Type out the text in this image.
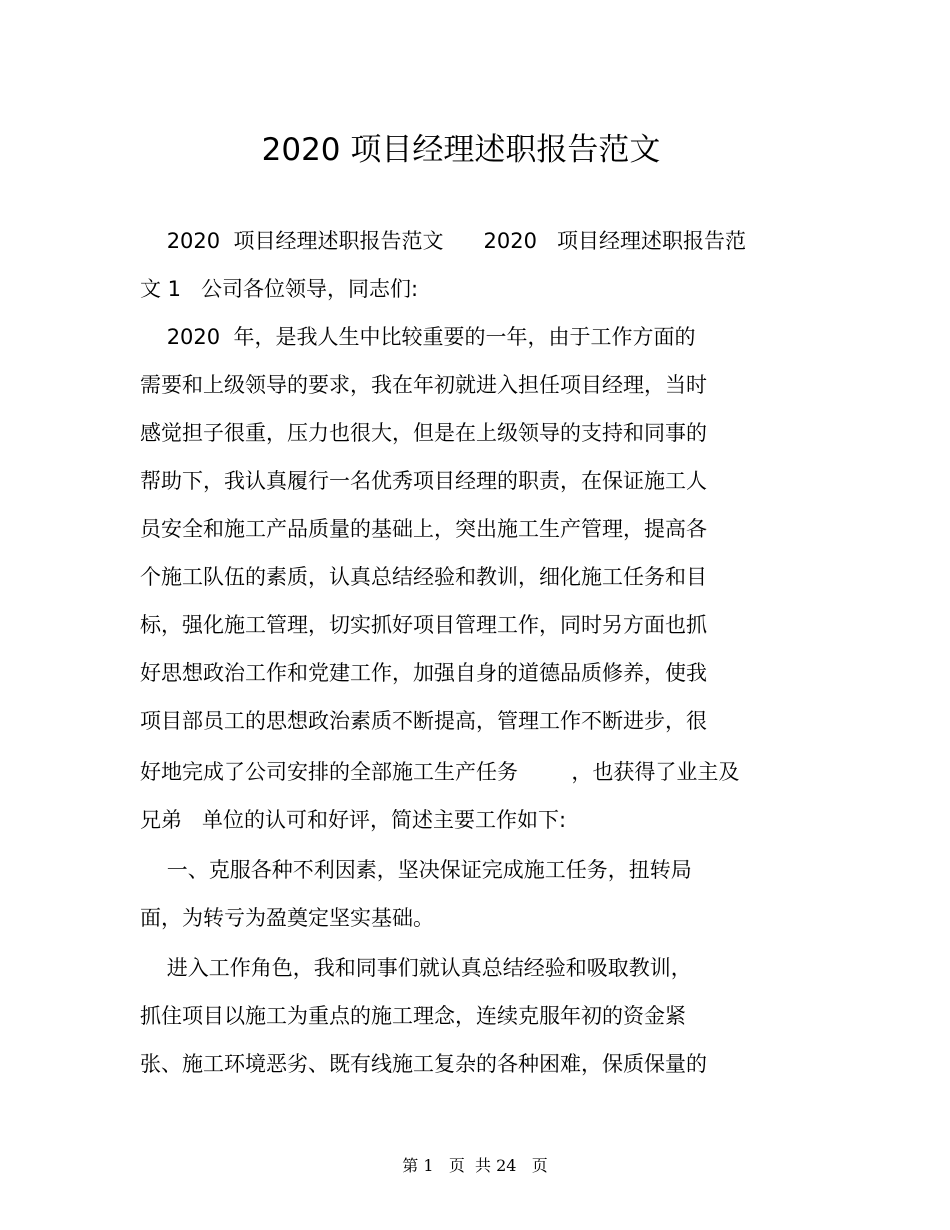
2020 项目经理述职报告范文
2020  项目经理述职报告范文      2020   项目经理述职报告范
文 1   公司各位领导，同志们:
2020  年，是我人生中比较重要的一年，由于工作方面的
需要和上级领导的要求，我在年初就进入担任项目经理，当时
感觉担子很重，压力也很大，但是在上级领导的支持和同事的
帮助下，我认真履行一名优秀项目经理的职责，在保证施工人
员安全和施工产品质量的基础上，突出施工生产管理，提高各
个施工队伍的素质，认真总结经验和教训，细化施工任务和目
标，强化施工管理，切实抓好项目管理工作，同时另方面也抓
好思想政治工作和党建工作，加强自身的道德品质修养，使我
项目部员工的思想政治素质不断提高，管理工作不断进步，很
好地完成了公司安排的全部施工生产任务        ，也获得了业主及
兄弟   单位的认可和好评，简述主要工作如下:
一、克服各种不利因素，坚决保证完成施工任务，扭转局
面，为转亏为盈奠定坚实基础。
进入工作角色，我和同事们就认真总结经验和吸取教训，
抓住项目以施工为重点的施工理念，连续克服年初的资金紧
张、施工环境恶劣、既有线施工复杂的各种困难，保质保量的
第 1   页  共 24   页
